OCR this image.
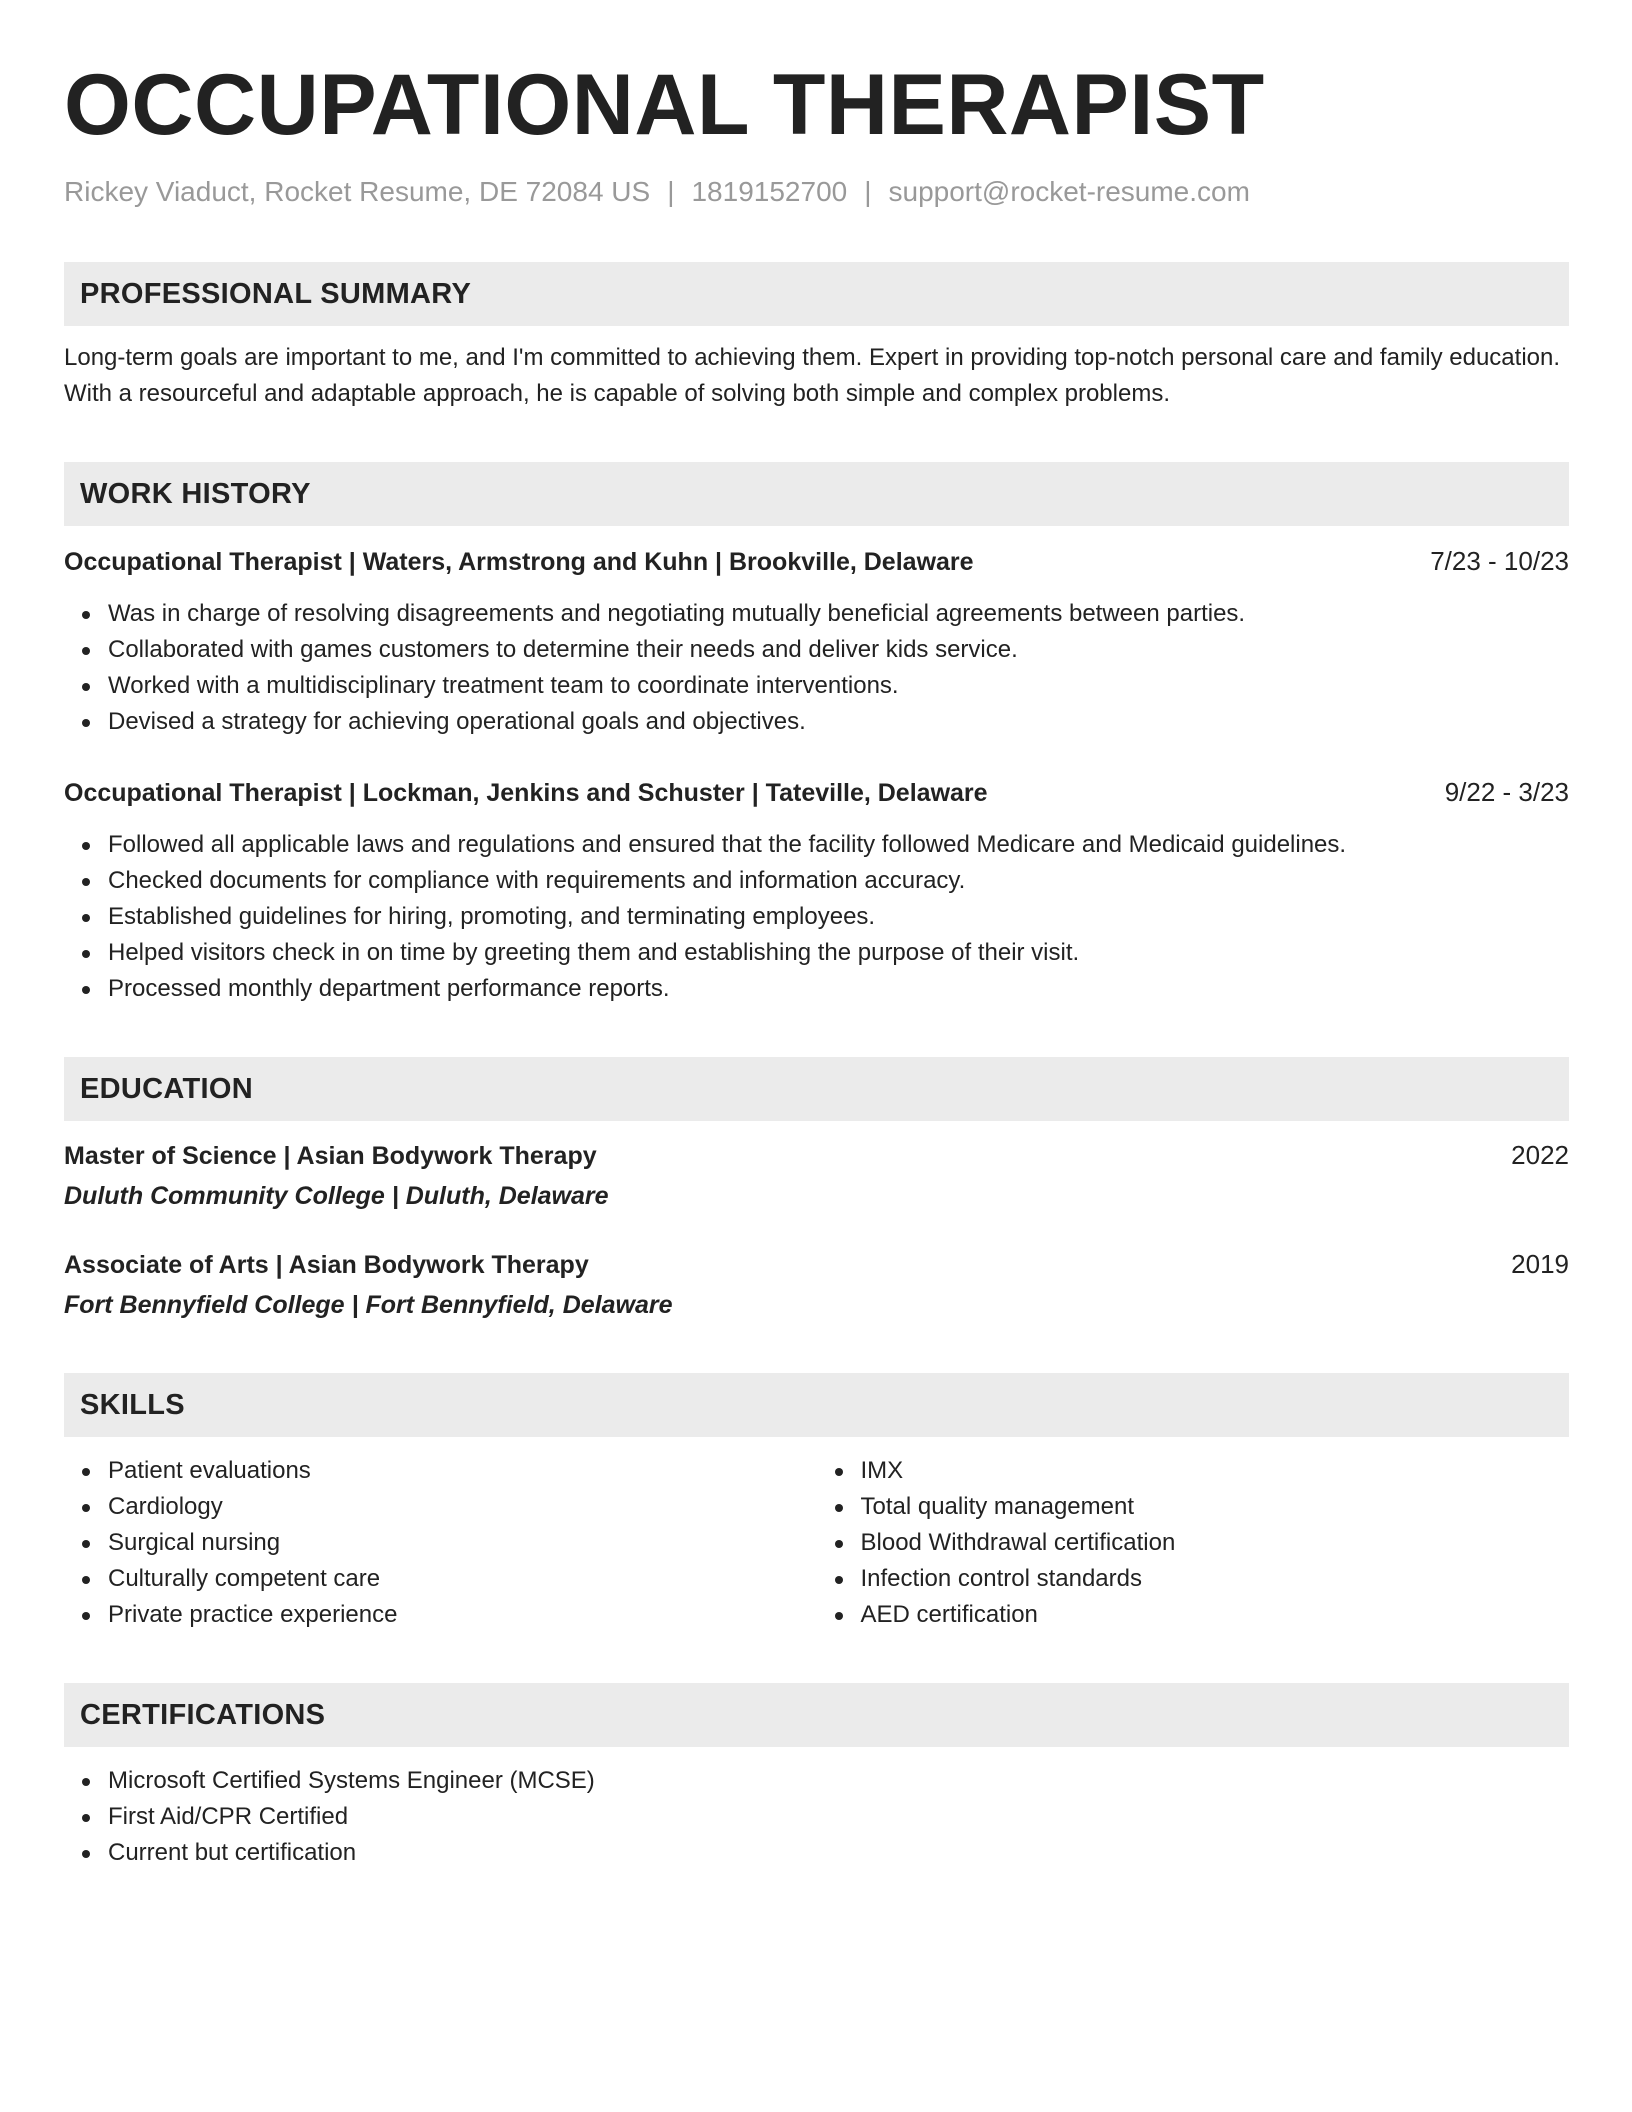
OCCUPATIONAL THERAPIST
Rickey Viaduct, Rocket Resume, DE 72084 US | 1819152700 | support@rocket-resume.com
PROFESSIONAL SUMMARY
Long-term goals are important to me, and I'm committed to achieving them. Expert in providing top-notch personal care and family education. With a resourceful and adaptable approach, he is capable of solving both simple and complex problems.
WORK HISTORY
Occupational Therapist | Waters, Armstrong and Kuhn | Brookville, Delaware	7/23 - 10/23
Was in charge of resolving disagreements and negotiating mutually beneficial agreements between parties.
Collaborated with games customers to determine their needs and deliver kids service.
Worked with a multidisciplinary treatment team to coordinate interventions.
Devised a strategy for achieving operational goals and objectives.
Occupational Therapist | Lockman, Jenkins and Schuster | Tateville, Delaware	9/22 - 3/23
Followed all applicable laws and regulations and ensured that the facility followed Medicare and Medicaid guidelines.
Checked documents for compliance with requirements and information accuracy.
Established guidelines for hiring, promoting, and terminating employees.
Helped visitors check in on time by greeting them and establishing the purpose of their visit.
Processed monthly department performance reports.
EDUCATION
Master of Science | Asian Bodywork Therapy	2022
Duluth Community College | Duluth, Delaware
Associate of Arts | Asian Bodywork Therapy	2019
Fort Bennyfield College | Fort Bennyfield, Delaware
SKILLS
Patient evaluations
Cardiology
Surgical nursing
Culturally competent care
Private practice experience
IMX
Total quality management
Blood Withdrawal certification
Infection control standards
AED certification
CERTIFICATIONS
Microsoft Certified Systems Engineer (MCSE)
First Aid/CPR Certified
Current but certification
